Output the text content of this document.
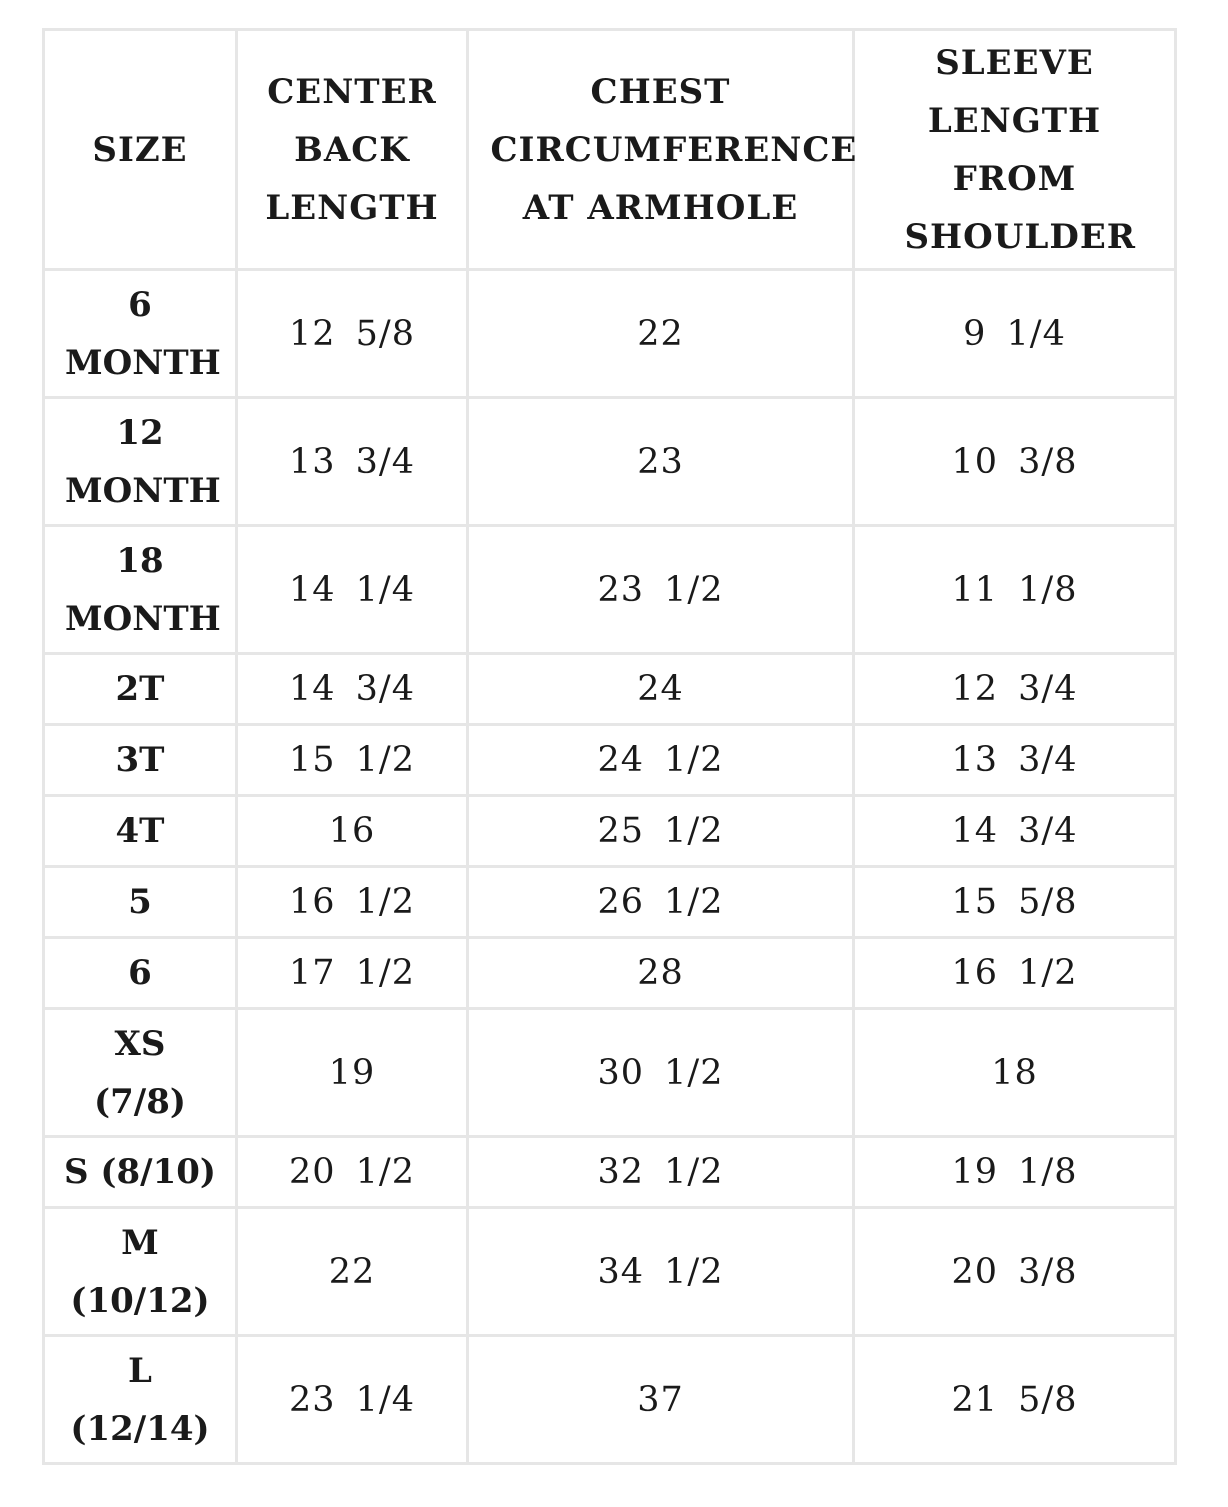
SIZE	CENTER BACK LENGTH	CHEST CIRCUMFERENCE AT ARMHOLE	SLEEVE LENGTH FROM SHOULDER

6 MONTH	12 5/8	22	9 1/4

12 MONTH	13 3/4	23	10 3/8

18 MONTH	14 1/4	23 1/2	11 1/8
2T	14 3/4	24	12 3/4
3T	15 1/2	24 1/2	13 3/4
4T	16	25 1/2	14 3/4
5	16 1/2	26 1/2	15 5/8
6	17 1/2	28	16 1/2

XS (7/8)	19	30 1/2	18
S (8/10)	20 1/2	32 1/2	19 1/8

M (10/12)	22	34 1/2	20 3/8

L (12/14)	23 1/4	37	21 5/8
